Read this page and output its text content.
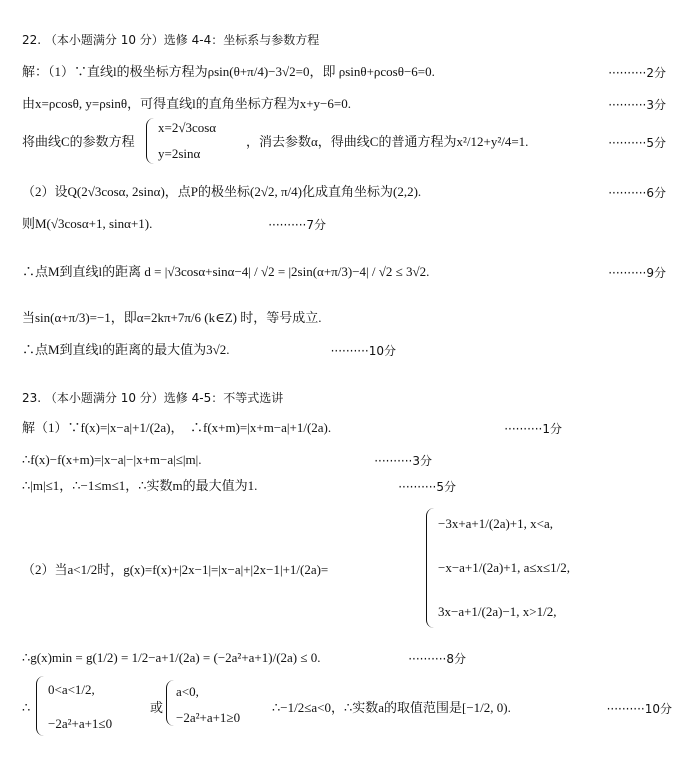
22. （本小题满分 10 分）选修 4-4：坐标系与参数方程
解：（1）∵直线l的极坐标方程为ρsin(θ+π/4)−3√2=0，即 ρsinθ+ρcosθ−6=0.	··········2分
由x=ρcosθ, y=ρsinθ，可得直线l的直角坐标方程为x+y−6=0.	··········3分
将曲线C的参数方程
x=2√3cosα
y=2sinα
，消去参数α，得曲线C的普通方程为x²/12+y²/4=1.	··········5分
（2）设Q(2√3cosα, 2sinα)，点P的极坐标(2√2, π/4)化成直角坐标为(2,2).	··········6分
则M(√3cosα+1, sinα+1).	··········7分
∴点M到直线l的距离 d = |√3cosα+sinα−4| / √2 = |2sin(α+π/3)−4| / √2 ≤ 3√2.	··········9分
当sin(α+π/3)=−1，即α=2kπ+7π/6 (k∈Z) 时，等号成立.
∴点M到直线l的距离的最大值为3√2.	··········10分
23. （本小题满分 10 分）选修 4-5：不等式选讲
解（1）∵f(x)=|x−a|+1/(2a)，　∴f(x+m)=|x+m−a|+1/(2a).	··········1分
∴f(x)−f(x+m)=|x−a|−|x+m−a|≤|m|.	··········3分
∴|m|≤1，∴−1≤m≤1，∴实数m的最大值为1.	··········5分
（2）当a<1/2时，g(x)=f(x)+|2x−1|=|x−a|+|2x−1|+1/(2a)=
−3x+a+1/(2a)+1, x<a,
−x−a+1/(2a)+1, a≤x≤1/2,
3x−a+1/(2a)−1, x>1/2,
∴g(x)min = g(1/2) = 1/2−a+1/(2a) = (−2a²+a+1)/(2a) ≤ 0.	··········8分
∴
0<a<1/2,
−2a²+a+1≤0
或
a<0,
−2a²+a+1≥0
∴−1/2≤a<0，∴实数a的取值范围是[−1/2, 0).	··········10分
